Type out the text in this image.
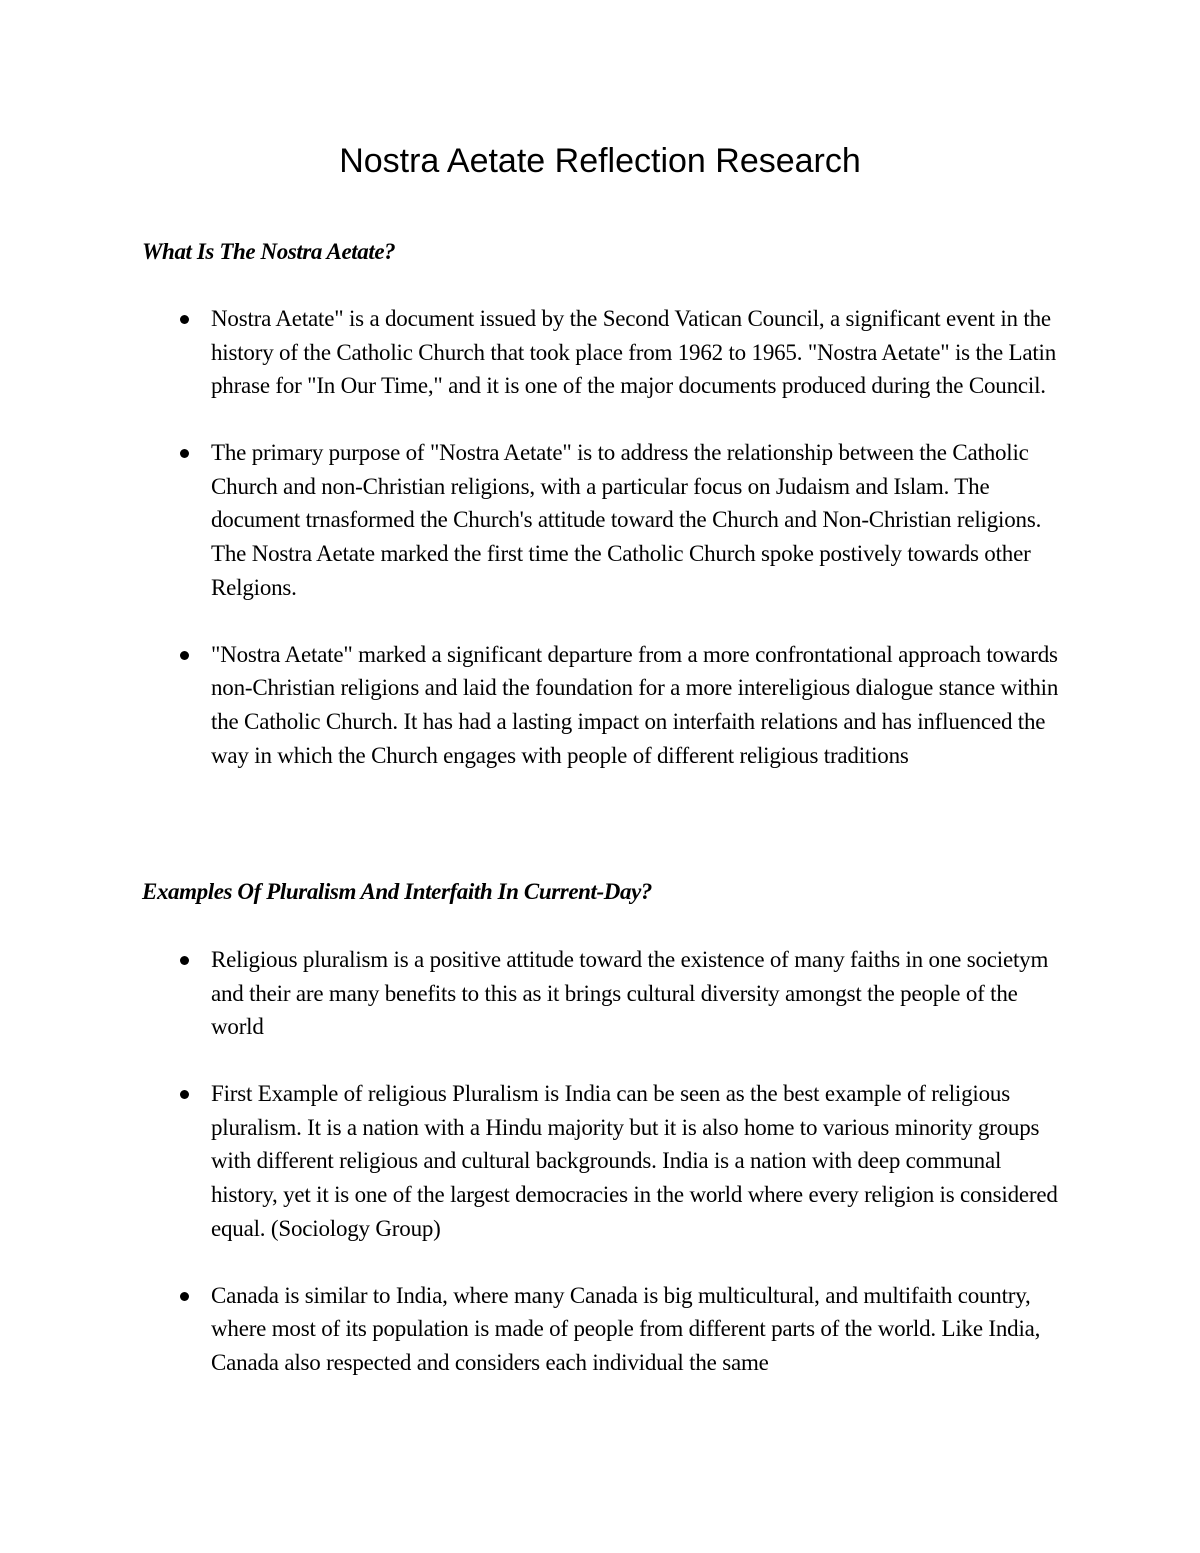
Nostra Aetate Reflection Research
What Is The Nostra Aetate?
Nostra Aetate" is a document issued by the Second Vatican Council, a significant event in the history of the Catholic Church that took place from 1962 to 1965. "Nostra Aetate" is the Latin phrase for "In Our Time," and it is one of the major documents produced during the Council.
The primary purpose of "Nostra Aetate" is to address the relationship between the Catholic Church and non-Christian religions, with a particular focus on Judaism and Islam. The document trnasformed the Church's attitude toward the Church and Non-Christian religions. The Nostra Aetate marked the first time the Catholic Church spoke postively towards other Relgions.
"Nostra Aetate" marked a significant departure from a more confrontational approach towards non-Christian religions and laid the foundation for a more intereligious dialogue stance within the Catholic Church. It has had a lasting impact on interfaith relations and has influenced the way in which the Church engages with people of different religious traditions
Examples Of Pluralism And Interfaith In Current-Day?
Religious pluralism is a positive attitude toward the existence of many faiths in one societym and their are many benefits to this as it brings cultural diversity amongst the people of the world
First Example of religious Pluralism is India can be seen as the best example of religious pluralism. It is a nation with a Hindu majority but it is also home to various minority groups with different religious and cultural backgrounds. India is a nation with deep communal history, yet it is one of the largest democracies in the world where every religion is considered equal. (Sociology Group)
Canada is similar to India, where many Canada is big multicultural, and multifaith country, where most of its population is made of people from different parts of the world. Like India, Canada also respected and considers each individual the same
